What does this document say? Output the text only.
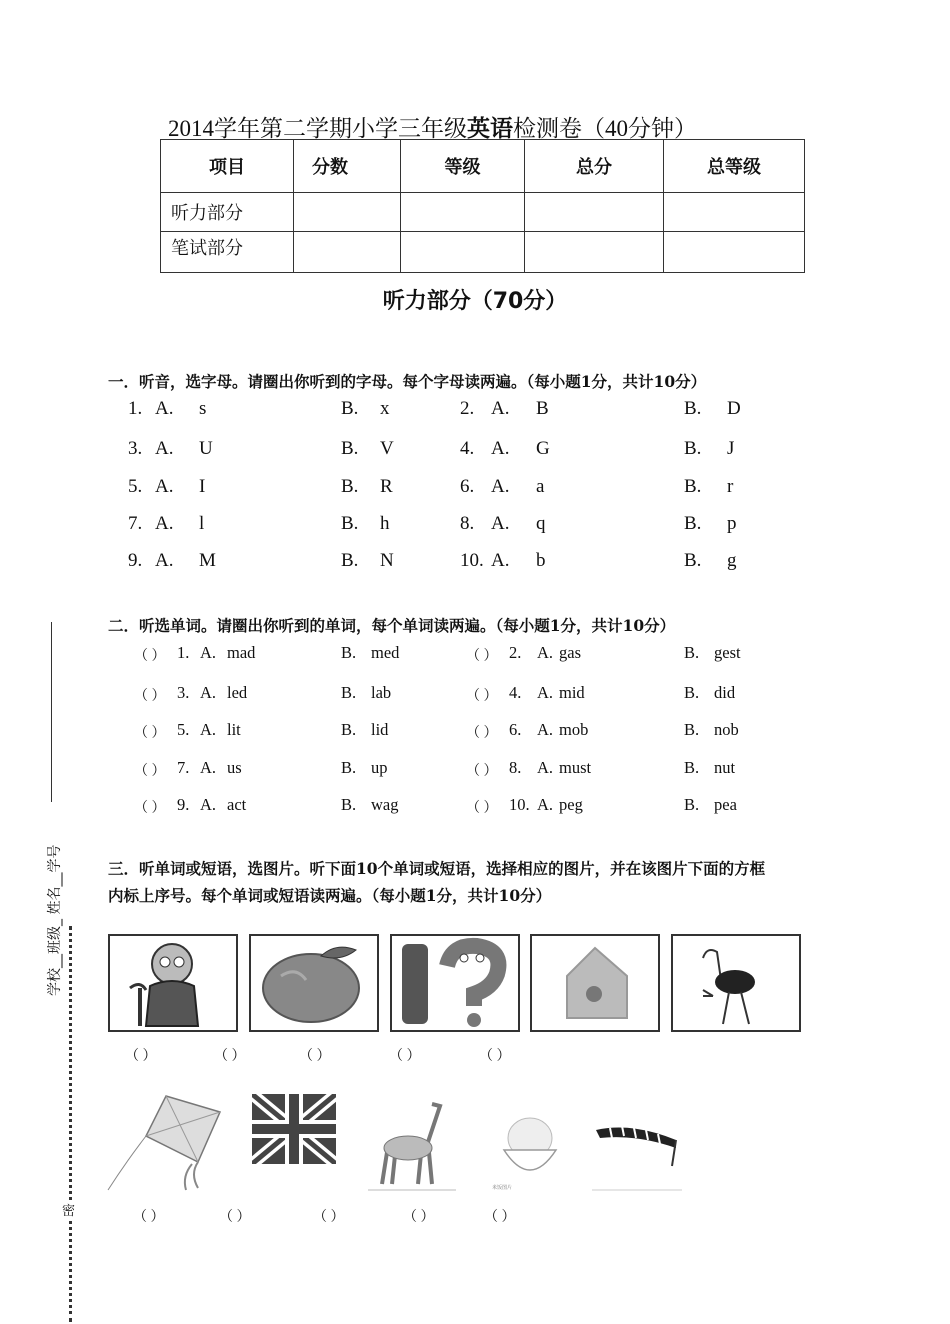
2014学年第二学期小学三年级英语检测卷（40分钟）
项目	分数	等级	总分	总等级
听力部分				
笔试部分				
听力部分（70分）
一．听音，选字母。请圈出你听到的字母。每个字母读两遍。（每小题1分，共计10分）
1. A. s	B. x	2. A. B	B. D
3. A. U	B. V	4. A. G	B. J
5. A. I	B. R	6. A. a	B. r
7. A. l	B. h	8. A. q	B. p
9. A. M	B. N	10. A. b	B. g
二．听选单词。请圈出你听到的单词，每个单词读两遍。（每小题1分，共计10分）
（ ） 1. A. mad	B. med	（ ） 2. A. gas	B. gest
（ ） 3. A. led	B. lab	（ ） 4. A. mid	B. did
（ ） 5. A. lit	B. lid	（ ） 6. A. mob	B. nob
（ ） 7. A. us	B. up	（ ） 8. A. must	B. nut
（ ） 9. A. act	B. wag	（ ） 10. A. peg	B. pea
三．听单词或短语，选图片。听下面10个单词或短语，选择相应的图片，并在该图片下面的方框
内标上序号。每个单词或短语读两遍。（每小题1分，共计10分）
（ ）	（ ）	（ ）	（ ）	（ ）
米饭图片
（ ）	（ ）	（ ）	（ ）	（ ）
学校__班级_ 姓名__学号
密
